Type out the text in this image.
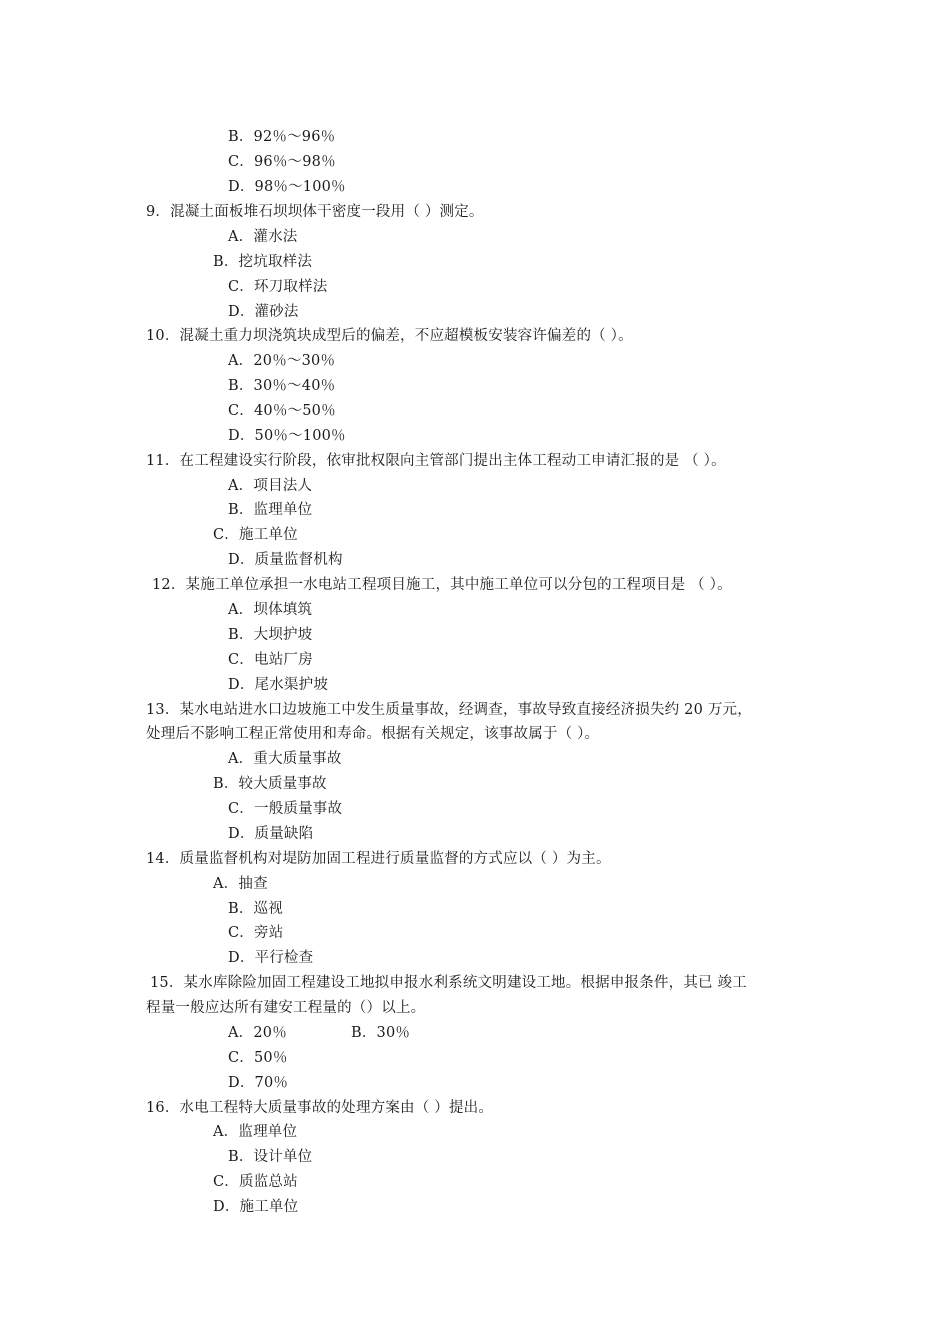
B．92％～96％
C．96％～98％
D．98％～100％
9．混凝土面板堆石坝坝体干密度一段用（ ）测定。
A．灌水法
B．挖坑取样法
C．环刀取样法
D．灌砂法
10．混凝土重力坝浇筑块成型后的偏差，不应超模板安装容许偏差的（ ）。
A．20％～30％
B．30％～40％
C．40％～50％
D．50％～100％
11．在工程建设实行阶段，依审批权限向主管部门提出主体工程动工申请汇报的是 （ ）。
A．项目法人
B．监理单位
C．施工单位
D．质量监督机构
12．某施工单位承担一水电站工程项目施工，其中施工单位可以分包的工程项目是 （ ）。
A．坝体填筑
B．大坝护坡
C．电站厂房
D．尾水渠护坡
13．某水电站进水口边坡施工中发生质量事故，经调查，事故导致直接经济损失约 20 万元，
处理后不影响工程正常使用和寿命。根据有关规定，该事故属于（ ）。
A．重大质量事故
B．较大质量事故
C．一般质量事故
D．质量缺陷
14．质量监督机构对堤防加固工程进行质量监督的方式应以（ ）为主。
A．抽查
B．巡视
C．旁站
D．平行检查
15．某水库除险加固工程建设工地拟申报水利系统文明建设工地。根据申报条件，其已 竣工
程量一般应达所有建安工程量的（）以上。
A．20％	B．30％
C．50％
D．70％
16．水电工程特大质量事故的处理方案由（ ）提出。
A．监理单位
B．设计单位
C．质监总站
D．施工单位
